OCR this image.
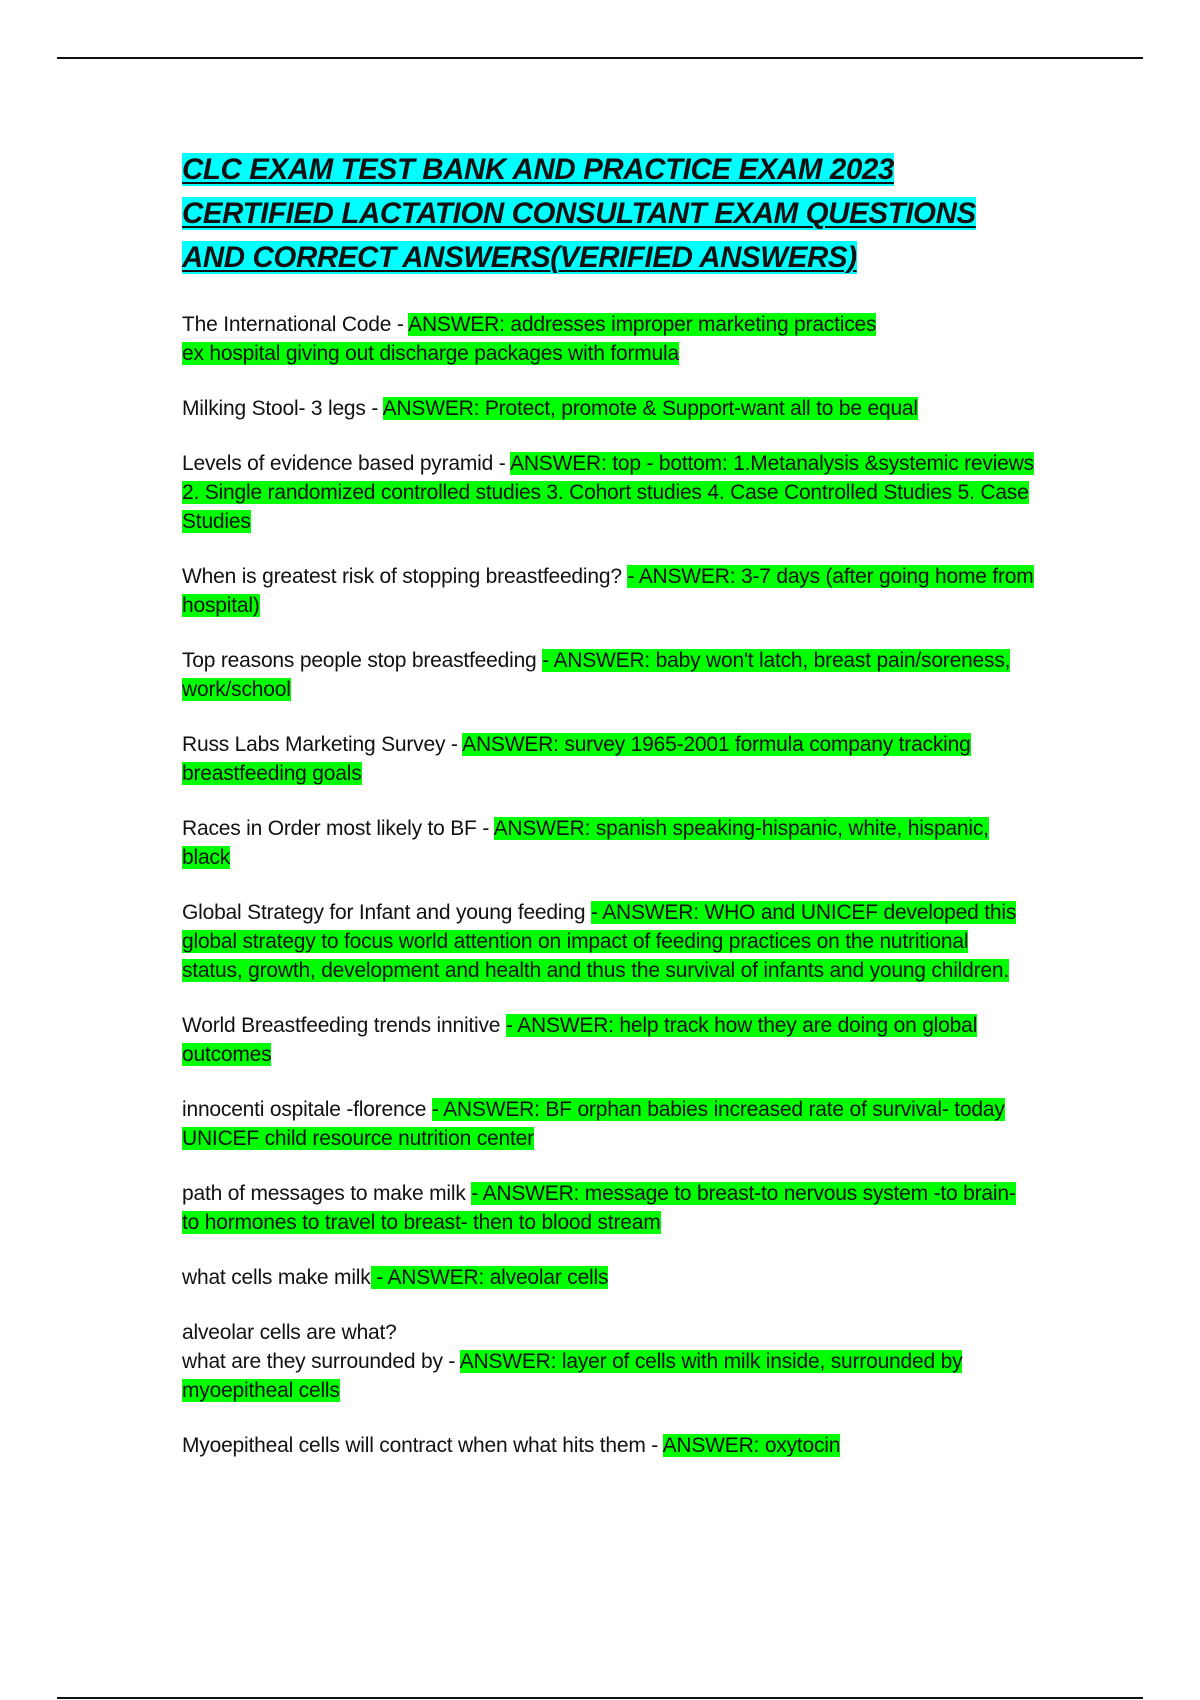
CLC EXAM TEST BANK AND PRACTICE EXAM 2023
CERTIFIED LACTATION CONSULTANT EXAM QUESTIONS
AND CORRECT ANSWERS(VERIFIED ANSWERS)

The International Code - ANSWER: addresses improper marketing practices
ex hospital giving out discharge packages with formula

Milking Stool- 3 legs - ANSWER: Protect, promote & Support-want all to be equal

Levels of evidence based pyramid - ANSWER: top - bottom: 1.Metanalysis &systemic reviews 2. Single randomized controlled studies 3. Cohort studies 4. Case Controlled Studies 5. Case Studies

When is greatest risk of stopping breastfeeding? - ANSWER: 3-7 days (after going home from hospital)

Top reasons people stop breastfeeding - ANSWER: baby won't latch, breast pain/soreness, work/school

Russ Labs Marketing Survey - ANSWER: survey 1965-2001 formula company tracking breastfeeding goals

Races in Order most likely to BF - ANSWER: spanish speaking-hispanic, white, hispanic, black

Global Strategy for Infant and young feeding - ANSWER: WHO and UNICEF developed this global strategy to focus world attention on impact of feeding practices on the nutritional status, growth, development and health and thus the survival of infants and young children.

World Breastfeeding trends innitive - ANSWER: help track how they are doing on global outcomes

innocenti ospitale -florence - ANSWER: BF orphan babies increased rate of survival- today UNICEF child resource nutrition center

path of messages to make milk - ANSWER: message to breast-to nervous system -to brain- to hormones to travel to breast- then to blood stream

what cells make milk - ANSWER: alveolar cells

alveolar cells are what?
what are they surrounded by - ANSWER: layer of cells with milk inside, surrounded by myoepitheal cells

Myoepitheal cells will contract when what hits them - ANSWER: oxytocin
